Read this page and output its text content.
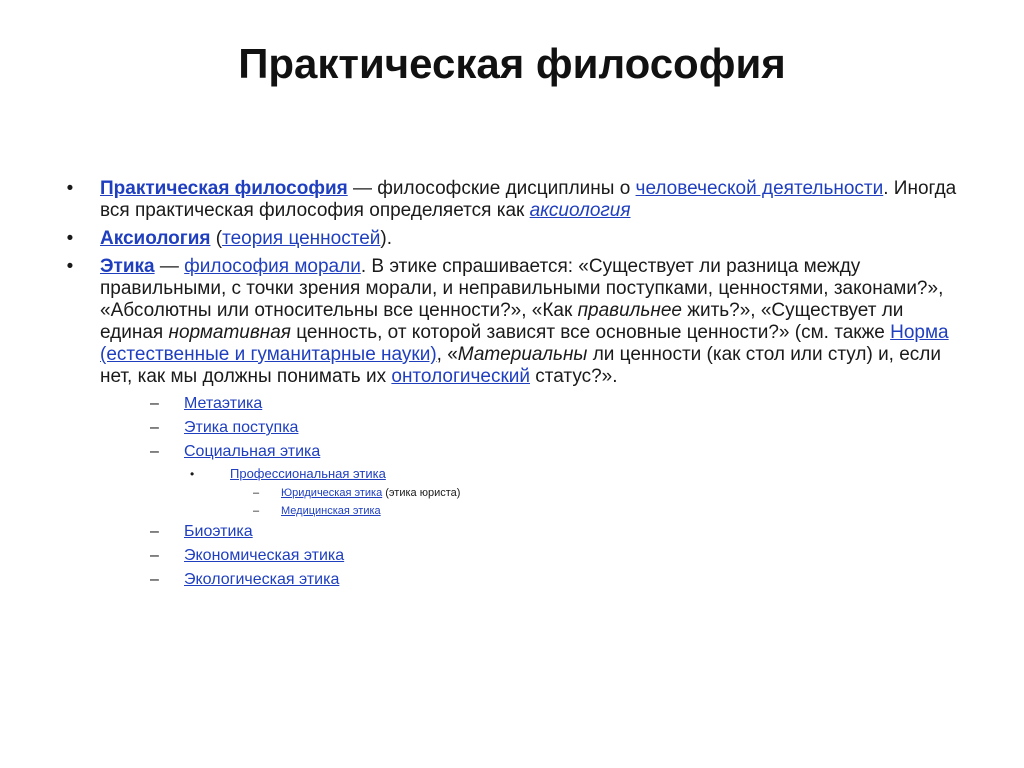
Практическая философия
•	Практическая философия — философские дисциплины о человеческой деятельности. Иногда вся практическая философия определяется как аксиология
•	Аксиология (теория ценностей).
•	Этика — философия морали. В этике спрашивается: «Существует ли разница между правильными, с точки зрения морали, и неправильными поступками, ценностями, законами?», «Абсолютны или относительны все ценности?», «Как правильнее жить?», «Существует ли единая нормативная ценность, от которой зависят все основные ценности?» (см. также Норма (естественные и гуманитарные науки), «Материальны ли ценности (как стол или стул) и, если нет, как мы должны понимать их онтологический статус?».
– Метаэтика
– Этика поступка
– Социальная этика
•	Профессиональная этика
– Юридическая этика (этика юриста)
– Медицинская этика
– Биоэтика
– Экономическая этика
– Экологическая этика
